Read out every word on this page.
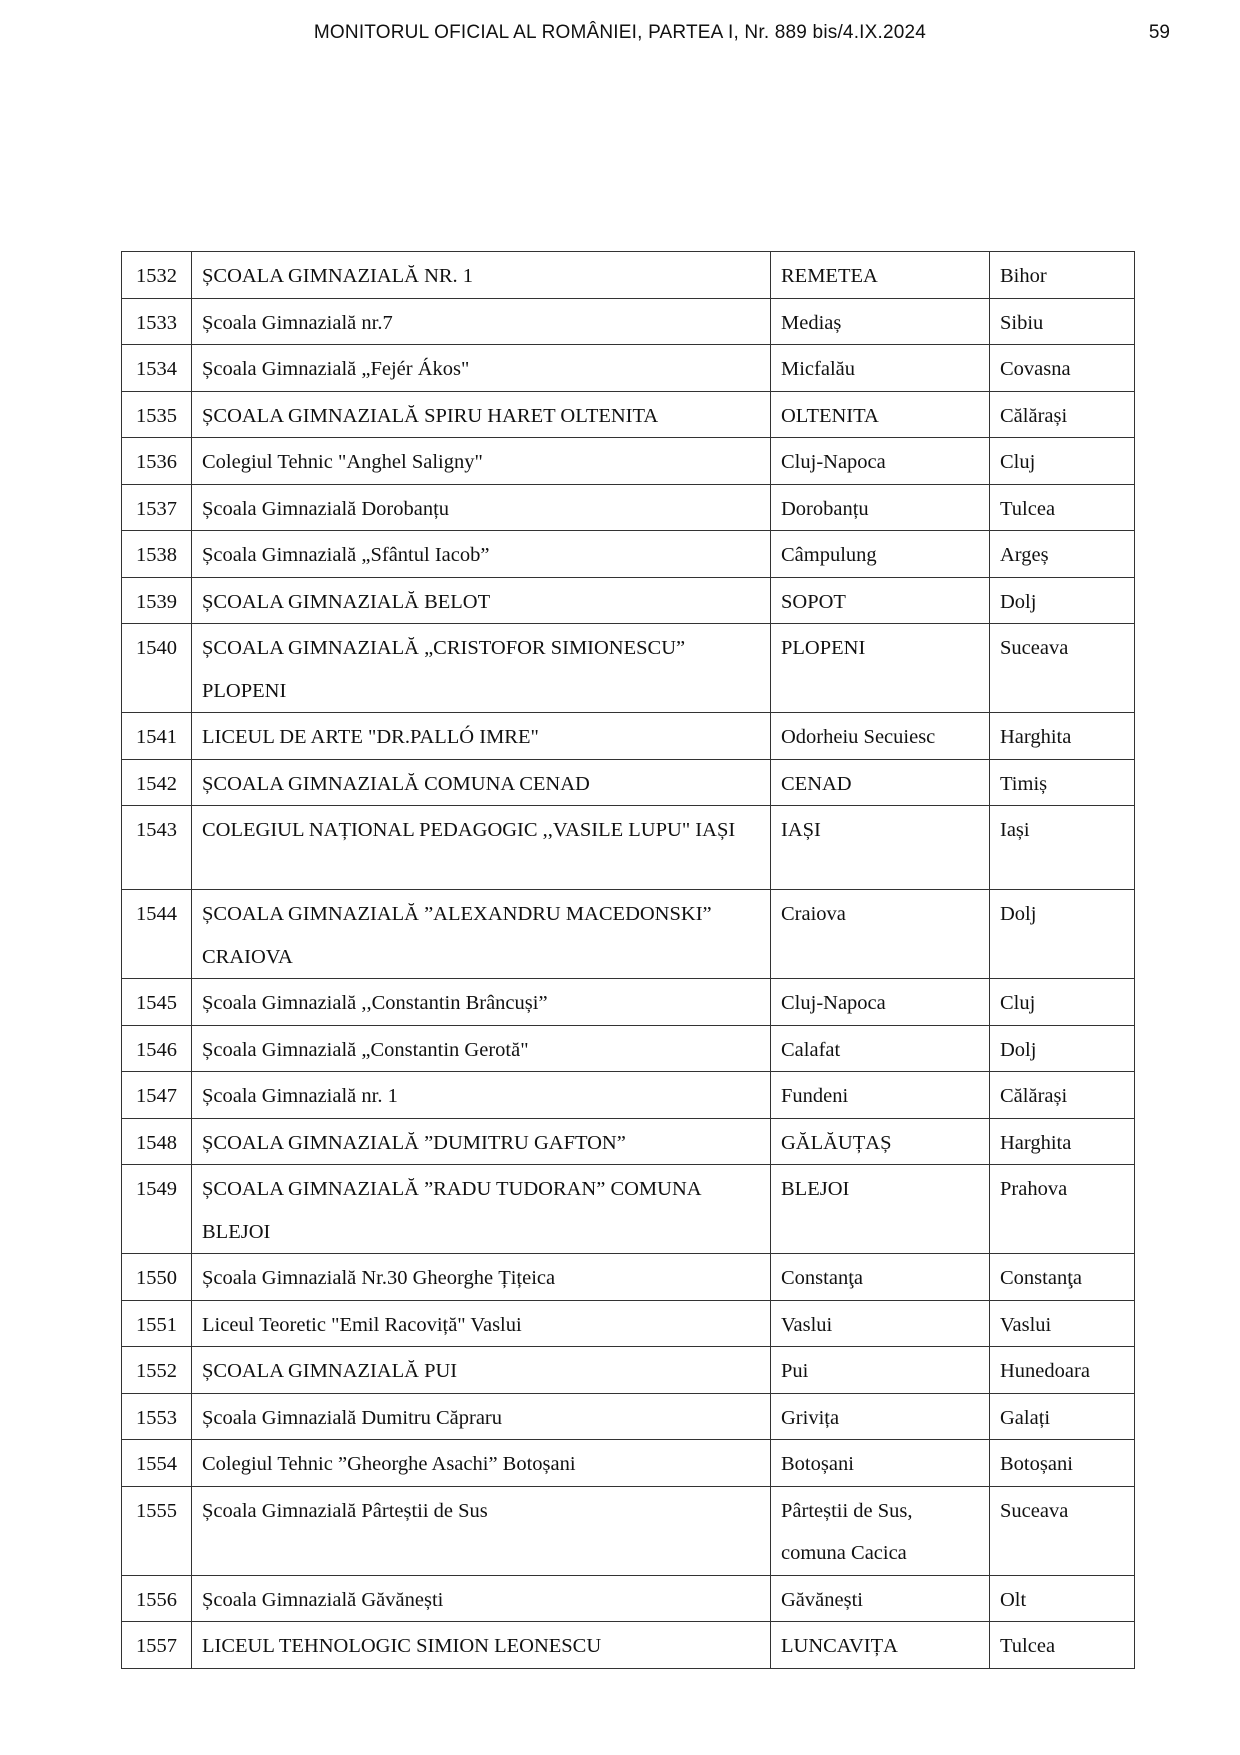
MONITORUL OFICIAL AL ROMÂNIEI, PARTEA I, Nr. 889 bis/4.IX.2024	59
1532	ȘCOALA GIMNAZIALĂ NR. 1	REMETEA	Bihor
1533	Școala Gimnazială nr.7	Mediaș	Sibiu
1534	Școala Gimnazială „Fejér Ákos"	Micfalău	Covasna
1535	ȘCOALA GIMNAZIALĂ SPIRU HARET OLTENITA	OLTENITA	Călărași
1536	Colegiul Tehnic "Anghel Saligny"	Cluj-Napoca	Cluj
1537	Școala Gimnazială Dorobanțu	Dorobanțu	Tulcea
1538	Școala Gimnazială „Sfântul Iacob”	Câmpulung	Argeș
1539	ȘCOALA GIMNAZIALĂ BELOT	SOPOT	Dolj
1540	ȘCOALA GIMNAZIALĂ „CRISTOFOR SIMIONESCU” PLOPENI	PLOPENI	Suceava
1541	LICEUL DE ARTE "DR.PALLÓ IMRE"	Odorheiu Secuiesc	Harghita
1542	ȘCOALA GIMNAZIALĂ COMUNA CENAD	CENAD	Timiș
1543	COLEGIUL NAȚIONAL PEDAGOGIC ,,VASILE LUPU" IAȘI	IAȘI	Iași
1544	ȘCOALA GIMNAZIALĂ ”ALEXANDRU MACEDONSKI” CRAIOVA	Craiova	Dolj
1545	Școala Gimnazială ,,Constantin Brâncuși”	Cluj-Napoca	Cluj
1546	Școala Gimnazială „Constantin Gerotă"	Calafat	Dolj
1547	Școala Gimnazială nr. 1	Fundeni	Călărași
1548	ȘCOALA GIMNAZIALĂ ”DUMITRU GAFTON”	GĂLĂUȚAȘ	Harghita
1549	ȘCOALA GIMNAZIALĂ ”RADU TUDORAN” COMUNA BLEJOI	BLEJOI	Prahova
1550	Școala Gimnazială Nr.30 Gheorghe Țițeica	Constanţa	Constanţa
1551	Liceul Teoretic "Emil Racoviță" Vaslui	Vaslui	Vaslui
1552	ȘCOALA GIMNAZIALĂ PUI	Pui	Hunedoara
1553	Școala Gimnazială Dumitru Căpraru	Grivița	Galați
1554	Colegiul Tehnic ”Gheorghe Asachi” Botoșani	Botoșani	Botoșani
1555	Școala Gimnazială Pârteștii de Sus	Pârteștii de Sus, comuna Cacica	Suceava
1556	Școala Gimnazială Găvănești	Găvănești	Olt
1557	LICEUL TEHNOLOGIC SIMION LEONESCU	LUNCAVIȚA	Tulcea
